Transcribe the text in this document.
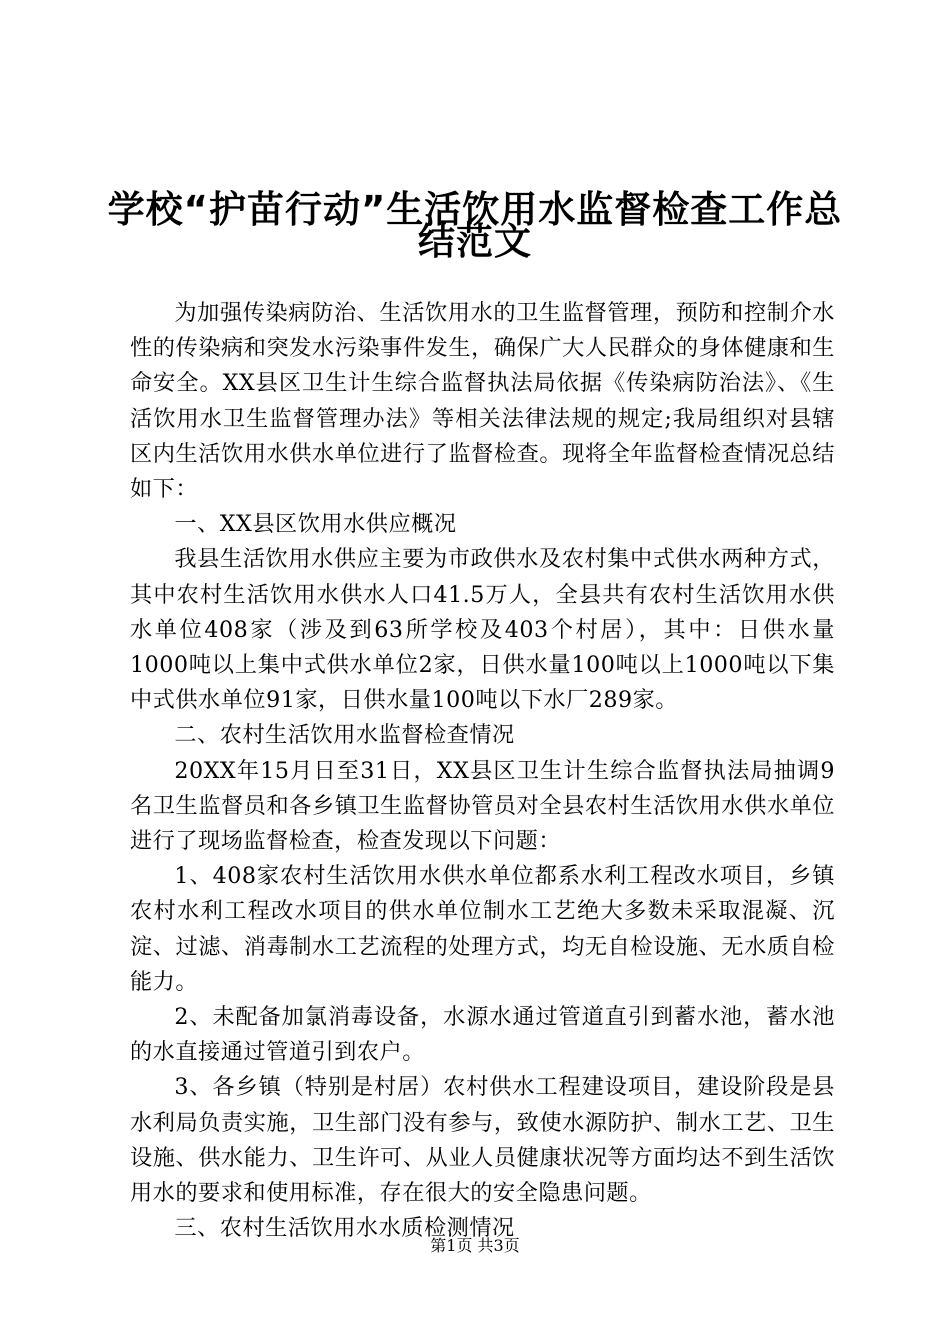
学校“护苗行动”生活饮用水监督检查工作总
结范文

为加强传染病防治、生活饮用水的卫生监督管理，预防和控制介水性的传染病和突发水污染事件发生，确保广大人民群众的身体健康和生命安全。XX县区卫生计生综合监督执法局依据《传染病防治法》、《生活饮用水卫生监督管理办法》等相关法律法规的规定;我局组织对县辖区内生活饮用水供水单位进行了监督检查。现将全年监督检查情况总结如下：

一、XX县区饮用水供应概况

我县生活饮用水供应主要为市政供水及农村集中式供水两种方式，其中农村生活饮用水供水人口41.5万人，全县共有农村生活饮用水供水单位408家（涉及到63所学校及403个村居），其中：日供水量1000吨以上集中式供水单位2家，日供水量100吨以上1000吨以下集中式供水单位91家，日供水量100吨以下水厂289家。

二、农村生活饮用水监督检查情况

20XX年15月日至31日，XX县区卫生计生综合监督执法局抽调9名卫生监督员和各乡镇卫生监督协管员对全县农村生活饮用水供水单位进行了现场监督检查，检查发现以下问题：

1、408家农村生活饮用水供水单位都系水利工程改水项目，乡镇农村水利工程改水项目的供水单位制水工艺绝大多数未采取混凝、沉淀、过滤、消毒制水工艺流程的处理方式，均无自检设施、无水质自检能力。

2、未配备加氯消毒设备，水源水通过管道直引到蓄水池，蓄水池的水直接通过管道引到农户。

3、各乡镇（特别是村居）农村供水工程建设项目，建设阶段是县水利局负责实施，卫生部门没有参与，致使水源防护、制水工艺、卫生设施、供水能力、卫生许可、从业人员健康状况等方面均达不到生活饮用水的要求和使用标准，存在很大的安全隐患问题。

三、农村生活饮用水水质检测情况

第1页 共3页
